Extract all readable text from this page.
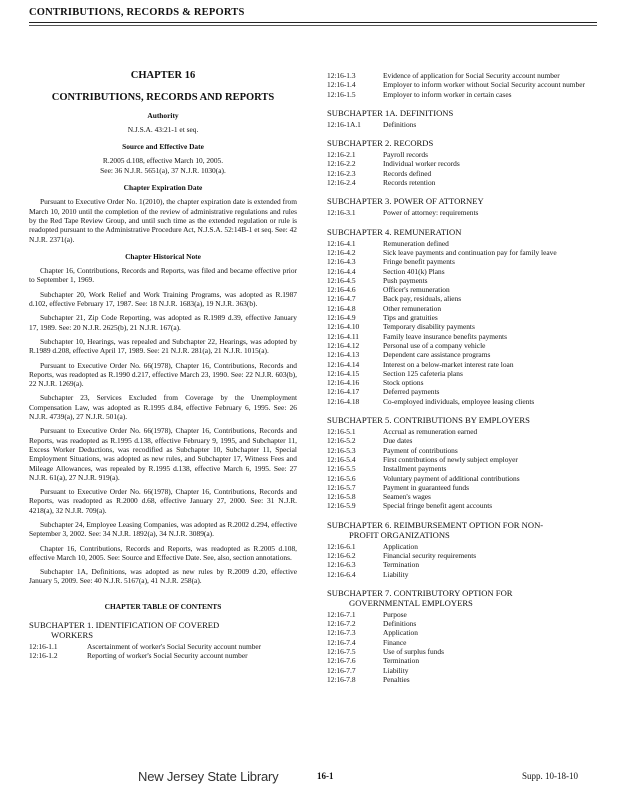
CONTRIBUTIONS, RECORDS & REPORTS
CHAPTER 16
CONTRIBUTIONS, RECORDS AND REPORTS
Authority
N.J.S.A. 43:21-1 et seq.
Source and Effective Date
R.2005 d.108, effective March 10, 2005.
See: 36 N.J.R. 5651(a), 37 N.J.R. 1030(a).
Chapter Expiration Date

Pursuant to Executive Order No. 1(2010), the chapter expiration date is extended from March 10, 2010 until the completion of the review of administrative regulations and rules by the Red Tape Review Group, and until such time as the extended regulation or rule is readopted pursuant to the Administrative Procedure Act, N.J.S.A. 52:14B-1 et seq. See: 42 N.J.R. 2371(a).

Chapter Historical Note

Chapter 16, Contributions, Records and Reports, was filed and became effective prior to September 1, 1969.

Subchapter 20, Work Relief and Work Training Programs, was adopted as R.1987 d.102, effective February 17, 1987. See: 18 N.J.R. 1683(a), 19 N.J.R. 363(b).

Subchapter 21, Zip Code Reporting, was adopted as R.1989 d.39, effective January 17, 1989. See: 20 N.J.R. 2625(b), 21 N.J.R. 167(a).

Subchapter 10, Hearings, was repealed and Subchapter 22, Hearings, was adopted by R.1989 d.208, effective April 17, 1989. See: 21 N.J.R. 281(a), 21 N.J.R. 1015(a).

Pursuant to Executive Order No. 66(1978), Chapter 16, Contributions, Records and Reports, was readopted as R.1990 d.217, effective March 23, 1990. See: 22 N.J.R. 603(b), 22 N.J.R. 1269(a).

Subchapter 23, Services Excluded from Coverage by the Unemployment Compensation Law, was adopted as R.1995 d.84, effective February 6, 1995. See: 26 N.J.R. 4739(a), 27 N.J.R. 501(a).

Pursuant to Executive Order No. 66(1978), Chapter 16, Contributions, Records and Reports, was readopted as R.1995 d.138, effective February 9, 1995, and Subchapter 11, Excess Worker Deductions, was recodified as Subchapter 10, Subchapter 11, Special Employment Situations, was adopted as new rules, and Subchapter 17, Witness Fees and Mileage Allowances, was repealed by R.1995 d.138, effective March 6, 1995. See: 27 N.J.R. 61(a), 27 N.J.R. 919(a).

Pursuant to Executive Order No. 66(1978), Chapter 16, Contributions, Records and Reports, was readopted as R.2000 d.68, effective January 27, 2000. See: 31 N.J.R. 4218(a), 32 N.J.R. 709(a).

Subchapter 24, Employee Leasing Companies, was adopted as R.2002 d.294, effective September 3, 2002. See: 34 N.J.R. 1892(a), 34 N.J.R. 3089(a).

Chapter 16, Contributions, Records and Reports, was readopted as R.2005 d.108, effective March 10, 2005. See: Source and Effective Date. See, also, section annotations.

Subchapter 1A, Definitions, was adopted as new rules by R.2009 d.20, effective January 5, 2009. See: 40 N.J.R. 5167(a), 41 N.J.R. 258(a).

CHAPTER TABLE OF CONTENTS
SUBCHAPTER 1. IDENTIFICATION OF COVERED
WORKERS
12:16-1.1	Ascertainment of worker's Social Security account number
12:16-1.2	Reporting of worker's Social Security account number
12:16-1.3	Evidence of application for Social Security account number
12:16-1.4	Employer to inform worker without Social Security account number
12:16-1.5	Employer to inform worker in certain cases
SUBCHAPTER 1A. DEFINITIONS
12:16-1A.1	Definitions
SUBCHAPTER 2. RECORDS
12:16-2.1	Payroll records
12:16-2.2	Individual worker records
12:16-2.3	Records defined
12:16-2.4	Records retention
SUBCHAPTER 3. POWER OF ATTORNEY
12:16-3.1	Power of attorney: requirements
SUBCHAPTER 4. REMUNERATION
12:16-4.1	Remuneration defined
12:16-4.2	Sick leave payments and continuation pay for family leave
12:16-4.3	Fringe benefit payments
12:16-4.4	Section 401(k) Plans
12:16-4.5	Push payments
12:16-4.6	Officer's remuneration
12:16-4.7	Back pay, residuals, aliens
12:16-4.8	Other remuneration
12:16-4.9	Tips and gratuities
12:16-4.10	Temporary disability payments
12:16-4.11	Family leave insurance benefits payments
12:16-4.12	Personal use of a company vehicle
12:16-4.13	Dependent care assistance programs
12:16-4.14	Interest on a below-market interest rate loan
12:16-4.15	Section 125 cafeteria plans
12:16-4.16	Stock options
12:16-4.17	Deferred payments
12:16-4.18	Co-employed individuals, employee leasing clients
SUBCHAPTER 5. CONTRIBUTIONS BY EMPLOYERS
12:16-5.1	Accrual as remuneration earned
12:16-5.2	Due dates
12:16-5.3	Payment of contributions
12:16-5.4	First contributions of newly subject employer
12:16-5.5	Installment payments
12:16-5.6	Voluntary payment of additional contributions
12:16-5.7	Payment in guaranteed funds
12:16-5.8	Seamen's wages
12:16-5.9	Special fringe benefit agent accounts
SUBCHAPTER 6. REIMBURSEMENT OPTION FOR NON-
PROFIT ORGANIZATIONS
12:16-6.1	Application
12:16-6.2	Financial security requirements
12:16-6.3	Termination
12:16-6.4	Liability
SUBCHAPTER 7. CONTRIBUTORY OPTION FOR
GOVERNMENTAL EMPLOYERS
12:16-7.1	Purpose
12:16-7.2	Definitions
12:16-7.3	Application
12:16-7.4	Finance
12:16-7.5	Use of surplus funds
12:16-7.6	Termination
12:16-7.7	Liability
12:16-7.8	Penalties
New Jersey State Library	16-1	Supp. 10-18-10
